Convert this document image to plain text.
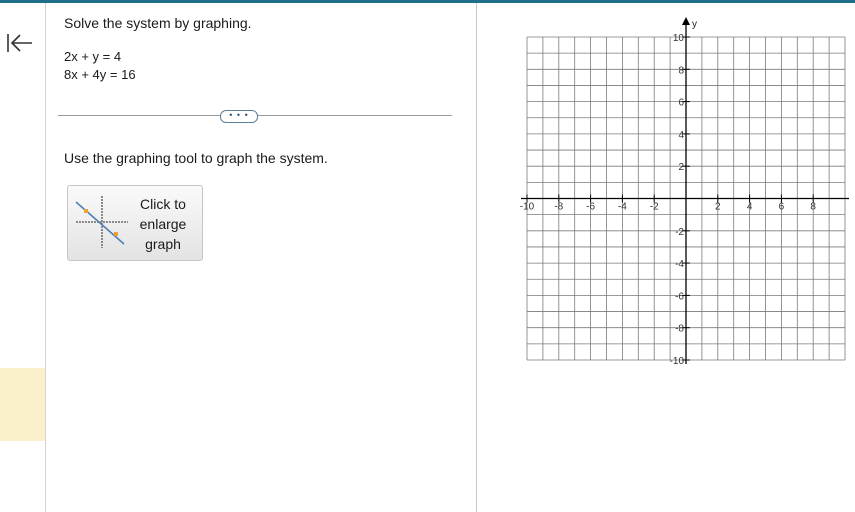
Solve the system by graphing.
2x + y = 4
8x + 4y = 16
• • •
Use the graphing tool to graph the system.
Click to
enlarge
graph
y
-10 -8 -6 -4 -2	2	4	6	8
10
8
6
4
2
-2
-4
-6
-8
-10
